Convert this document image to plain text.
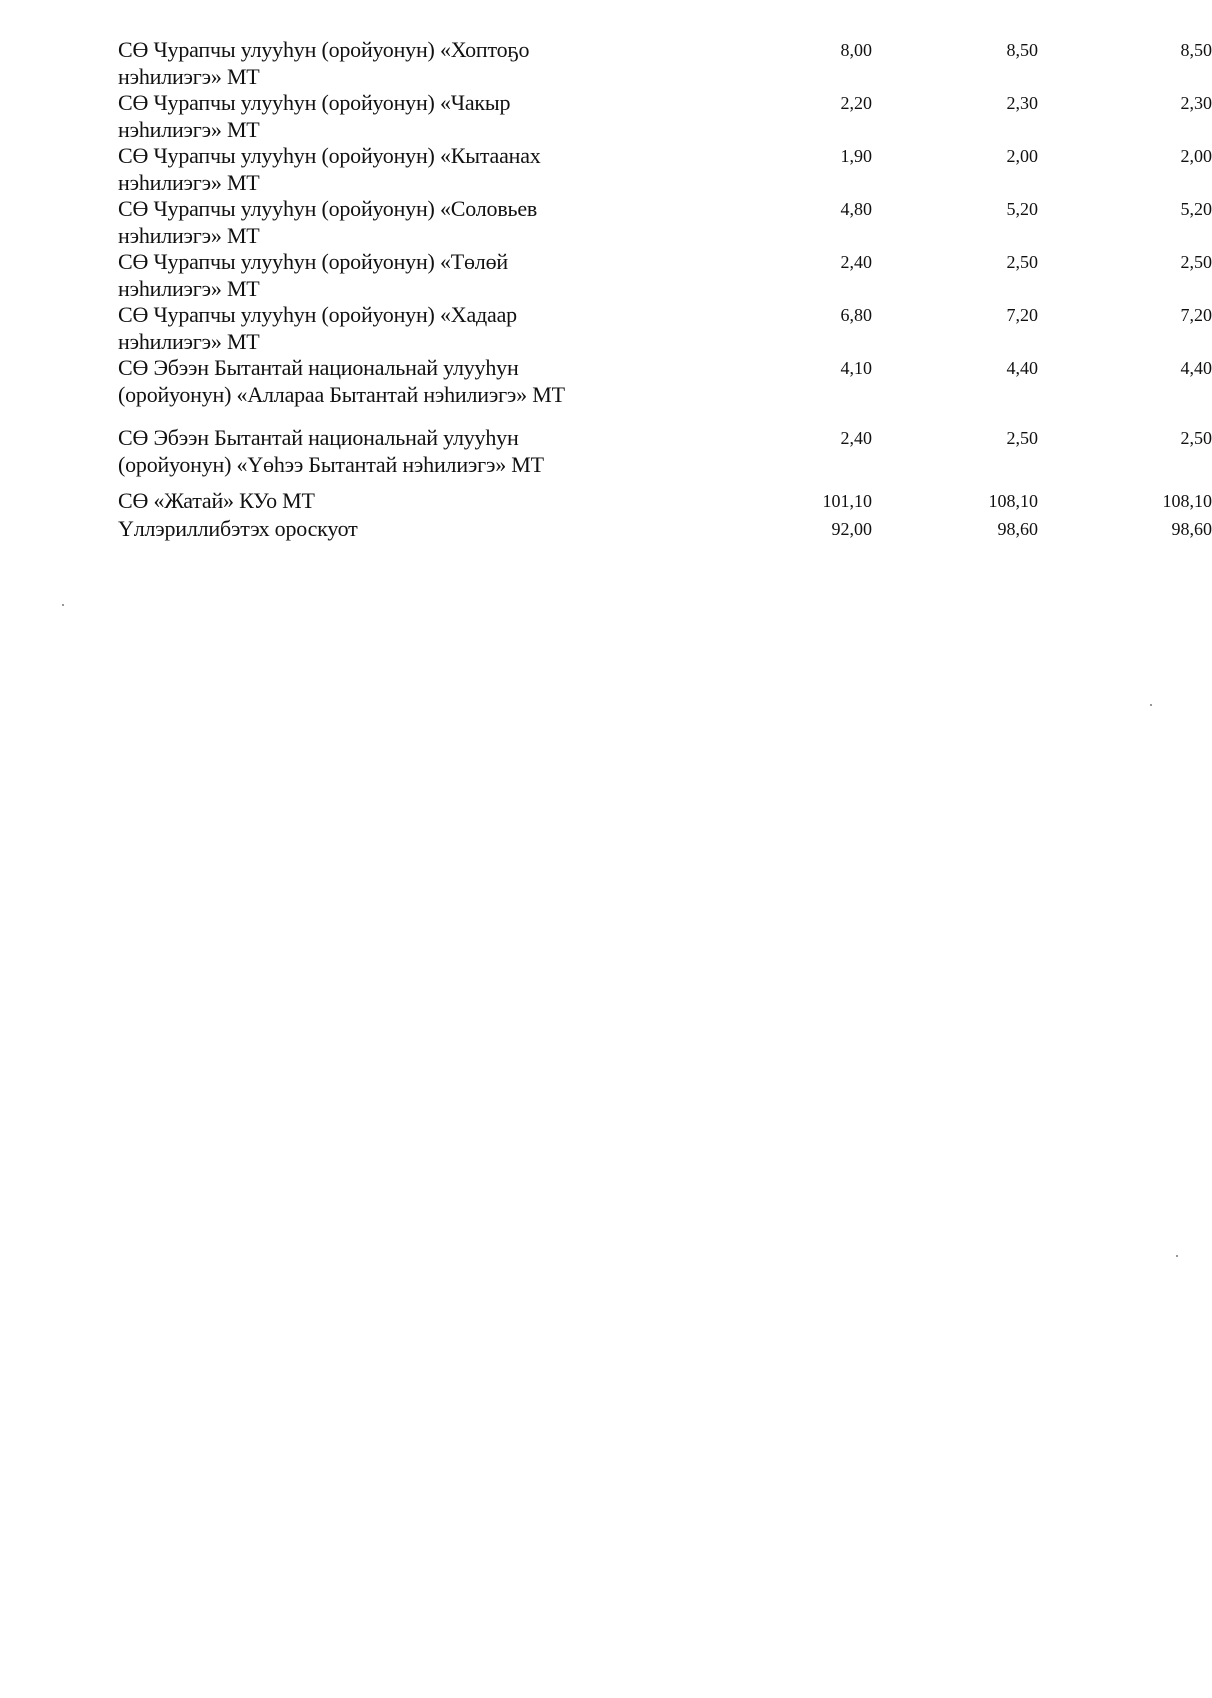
СӨ Чурапчы улууһун (оройуонун) «Хоптоҕо нэһилиэгэ» МТ
8,00	8,50	8,50
СӨ Чурапчы улууһун (оройуонун) «Чакыр нэһилиэгэ» МТ
2,20	2,30	2,30
СӨ Чурапчы улууһун (оройуонун) «Кытаанах нэһилиэгэ» МТ
1,90	2,00	2,00
СӨ Чурапчы улууһун (оройуонун) «Соловьев нэһилиэгэ» МТ
4,80	5,20	5,20
СӨ Чурапчы улууһун (оройуонун) «Төлөй нэһилиэгэ» МТ
2,40	2,50	2,50
СӨ Чурапчы улууһун (оройуонун) «Хадаар нэһилиэгэ» МТ
6,80	7,20	7,20
СӨ Эбээн Бытантай национальнай улууһун (оройуонун) «Аллараа Бытантай нэһилиэгэ» МТ
4,10	4,40	4,40
СӨ Эбээн Бытантай национальнай улууһун (оройуонун) «Үөһээ Бытантай нэһилиэгэ» МТ
2,40	2,50	2,50
СӨ «Жатай» КУо МТ	101,10	108,10	108,10
Үллэриллибэтэх ороскуот	92,00	98,60	98,60
